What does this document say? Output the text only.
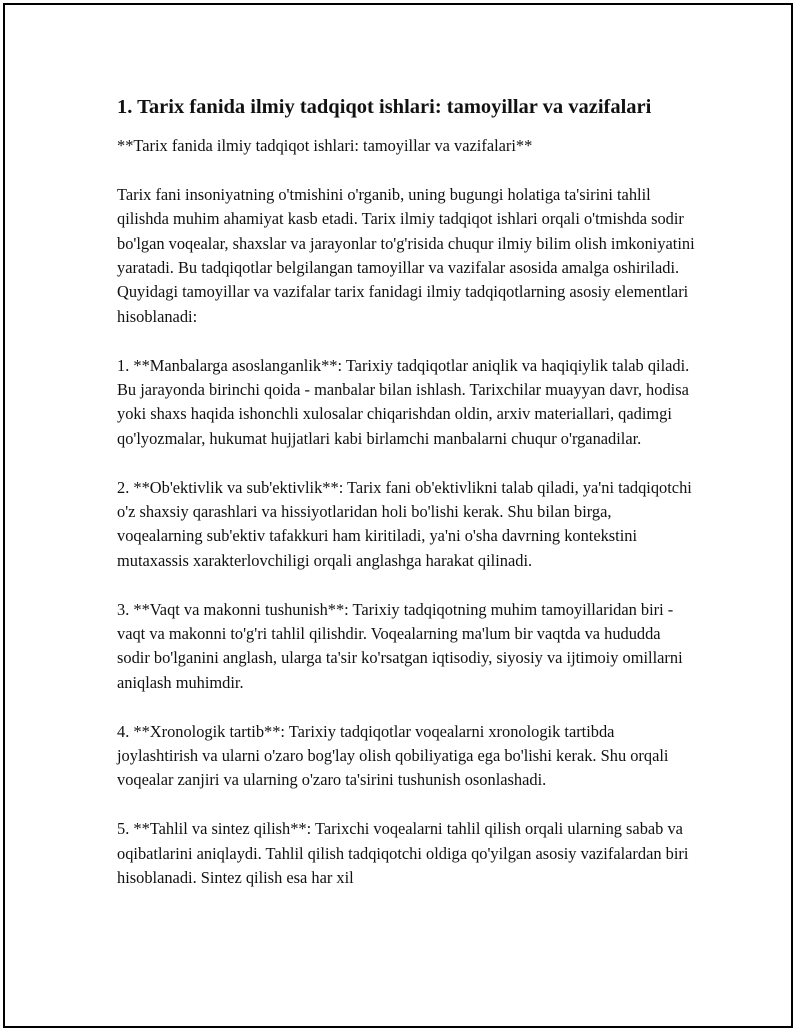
1. Tarix fanida ilmiy tadqiqot ishlari: tamoyillar va vazifalari

**Tarix fanida ilmiy tadqiqot ishlari: tamoyillar va vazifalari**

Tarix fani insoniyatning o'tmishini o'rganib, uning bugungi holatiga ta'sirini tahlil qilishda muhim ahamiyat kasb etadi. Tarix ilmiy tadqiqot ishlari orqali o'tmishda sodir bo'lgan voqealar, shaxslar va jarayonlar to'g'risida chuqur ilmiy bilim olish imkoniyatini yaratadi. Bu tadqiqotlar belgilangan tamoyillar va vazifalar asosida amalga oshiriladi. Quyidagi tamoyillar va vazifalar tarix fanidagi ilmiy tadqiqotlarning asosiy elementlari hisoblanadi:

1. **Manbalarga asoslanganlik**: Tarixiy tadqiqotlar aniqlik va haqiqiylik talab qiladi. Bu jarayonda birinchi qoida - manbalar bilan ishlash. Tarixchilar muayyan davr, hodisa yoki shaxs haqida ishonchli xulosalar chiqarishdan oldin, arxiv materiallari, qadimgi qo'lyozmalar, hukumat hujjatlari kabi birlamchi manbalarni chuqur o'rganadilar.

2. **Ob'ektivlik va sub'ektivlik**: Tarix fani ob'ektivlikni talab qiladi, ya'ni tadqiqotchi o'z shaxsiy qarashlari va hissiyotlaridan holi bo'lishi kerak. Shu bilan birga, voqealarning sub'ektiv tafakkuri ham kiritiladi, ya'ni o'sha davrning kontekstini mutaxassis xarakterlovchiligi orqali anglashga harakat qilinadi.

3. **Vaqt va makonni tushunish**: Tarixiy tadqiqotning muhim tamoyillaridan biri - vaqt va makonni to'g'ri tahlil qilishdir. Voqealarning ma'lum bir vaqtda va hududda sodir bo'lganini anglash, ularga ta'sir ko'rsatgan iqtisodiy, siyosiy va ijtimoiy omillarni aniqlash muhimdir.

4. **Xronologik tartib**: Tarixiy tadqiqotlar voqealarni xronologik tartibda joylashtirish va ularni o'zaro bog'lay olish qobiliyatiga ega bo'lishi kerak. Shu orqali voqealar zanjiri va ularning o'zaro ta'sirini tushunish osonlashadi.

5. **Tahlil va sintez qilish**: Tarixchi voqealarni tahlil qilish orqali ularning sabab va oqibatlarini aniqlaydi. Tahlil qilish tadqiqotchi oldiga qo'yilgan asosiy vazifalardan biri hisoblanadi. Sintez qilish esa har xil
